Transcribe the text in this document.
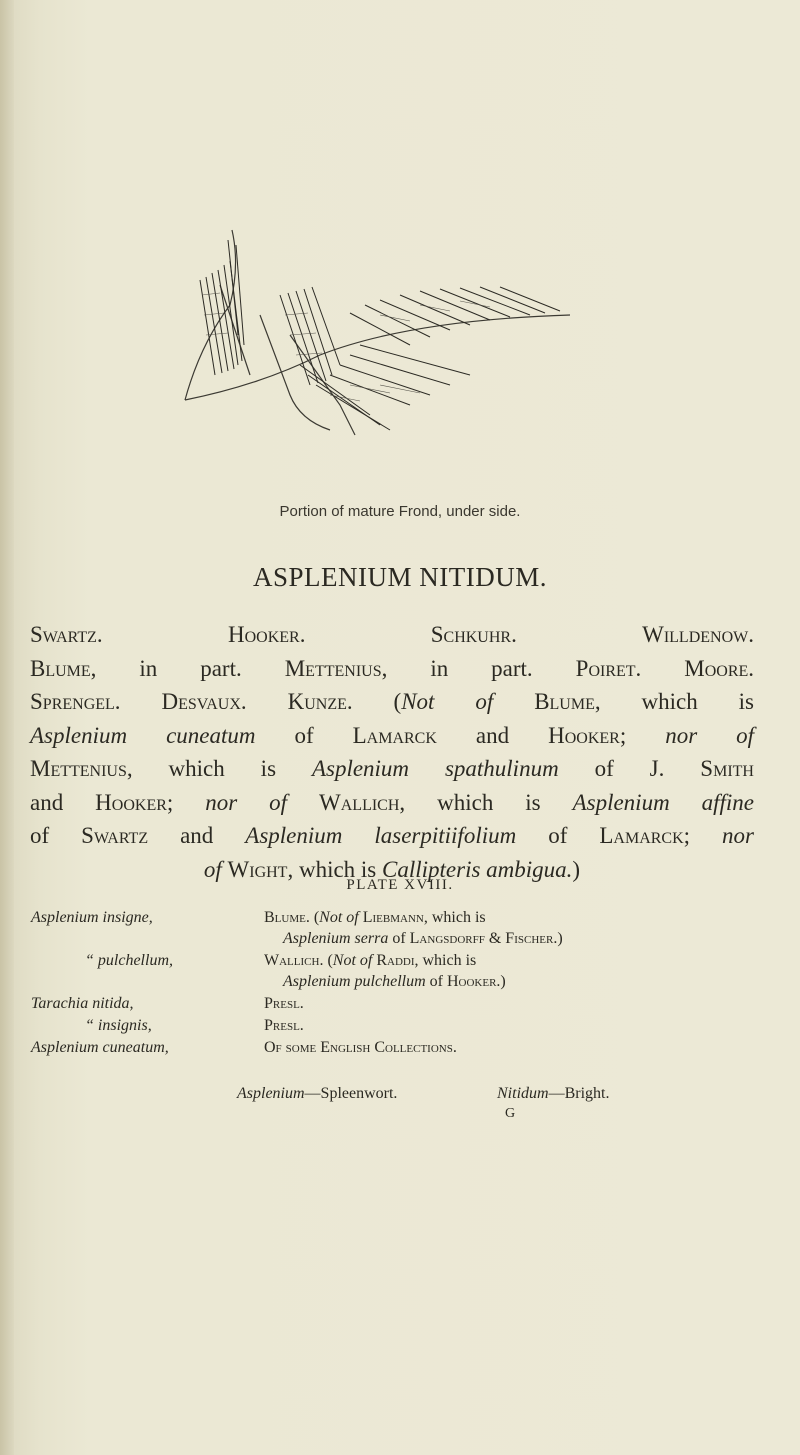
Portion of mature Frond, under side.
ASPLENIUM NITIDUM.
Swartz.	Hooker.	Schkuhr.	Willdenow.
Blume, in part. Mettenius, in part. Poiret. Moore.
Sprengel. Desvaux. Kunze. (Not of Blume, which is
Asplenium cuneatum of Lamarck and Hooker; nor of
Mettenius, which is Asplenium spathulinum of J. Smith
and Hooker; nor of Wallich, which is Asplenium affine
of Swartz and Asplenium laserpitiifolium of Lamarck; nor
of Wight, which is Callipteris ambigua.)
PLATE XVIII.
Asplenium insigne,	Blume. (Not of Liebmann, which is
Asplenium serra of Langsdorff & Fischer.)
“ pulchellum,	Wallich. (Not of Raddi, which is
Asplenium pulchellum of Hooker.)
Tarachia nitida,	Presl.
“ insignis,	Presl.
Asplenium cuneatum,	Of some English Collections.
Asplenium—Spleenwort.	Nitidum—Bright.
G
